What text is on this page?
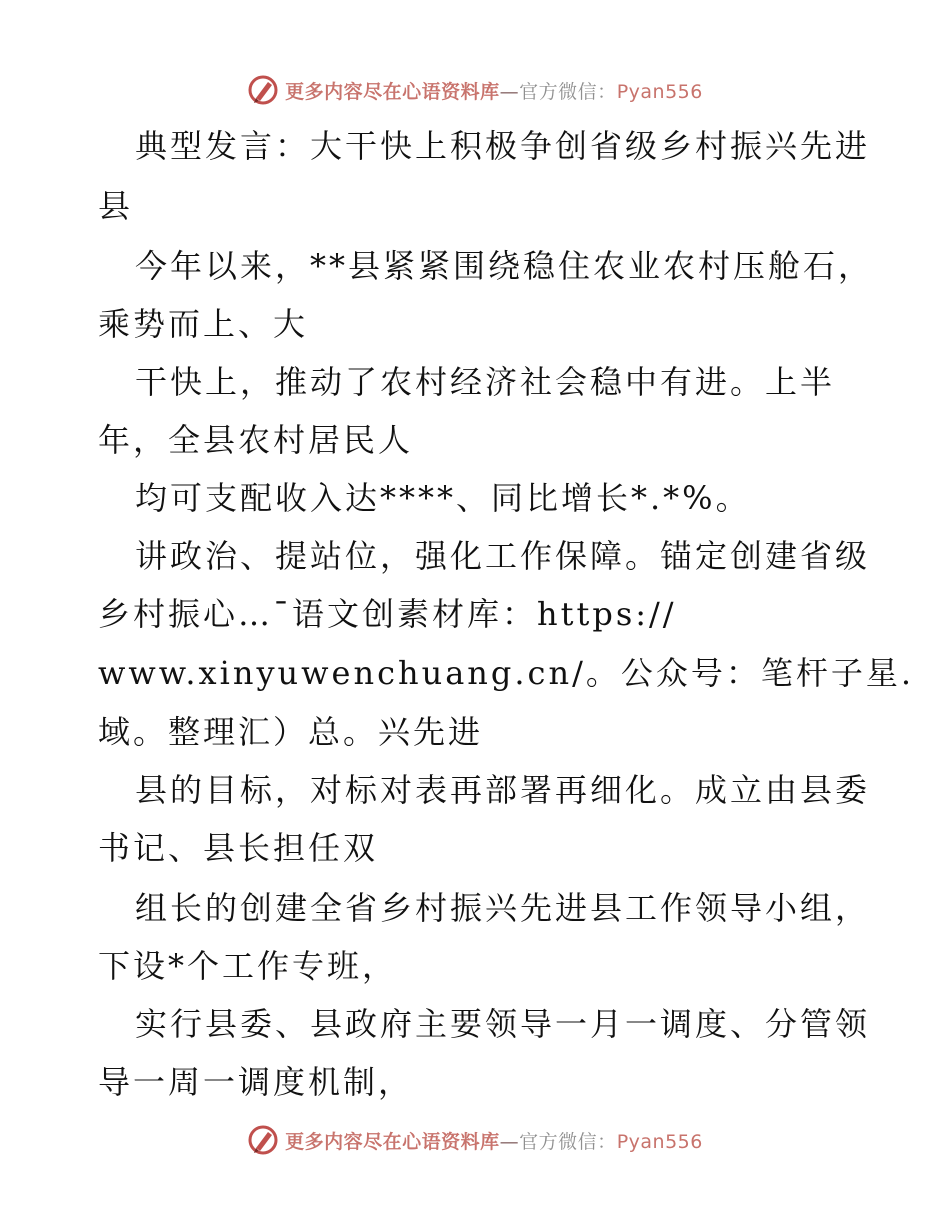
更多内容尽在心语资料库—官方微信：Pyan556
典型发言：大干快上积极争创省级乡村振兴先进
县
今年以来，**县紧紧围绕稳住农业农村压舱石，
乘势而上、大
干快上，推动了农村经济社会稳中有进。上半
年，全县农村居民人
均可支配收入达****、同比增长*.*%。
讲政治、提站位，强化工作保障。锚定创建省级
乡村振心…¯语文创素材库：https://
www.xinyuwenchuang.cn/。公众号：笔杆子星.
域。整理汇）总。兴先进
县的目标，对标对表再部署再细化。成立由县委
书记、县长担任双
组长的创建全省乡村振兴先进县工作领导小组，
下设*个工作专班，
实行县委、县政府主要领导一月一调度、分管领
导一周一调度机制，
更多内容尽在心语资料库—官方微信：Pyan556
